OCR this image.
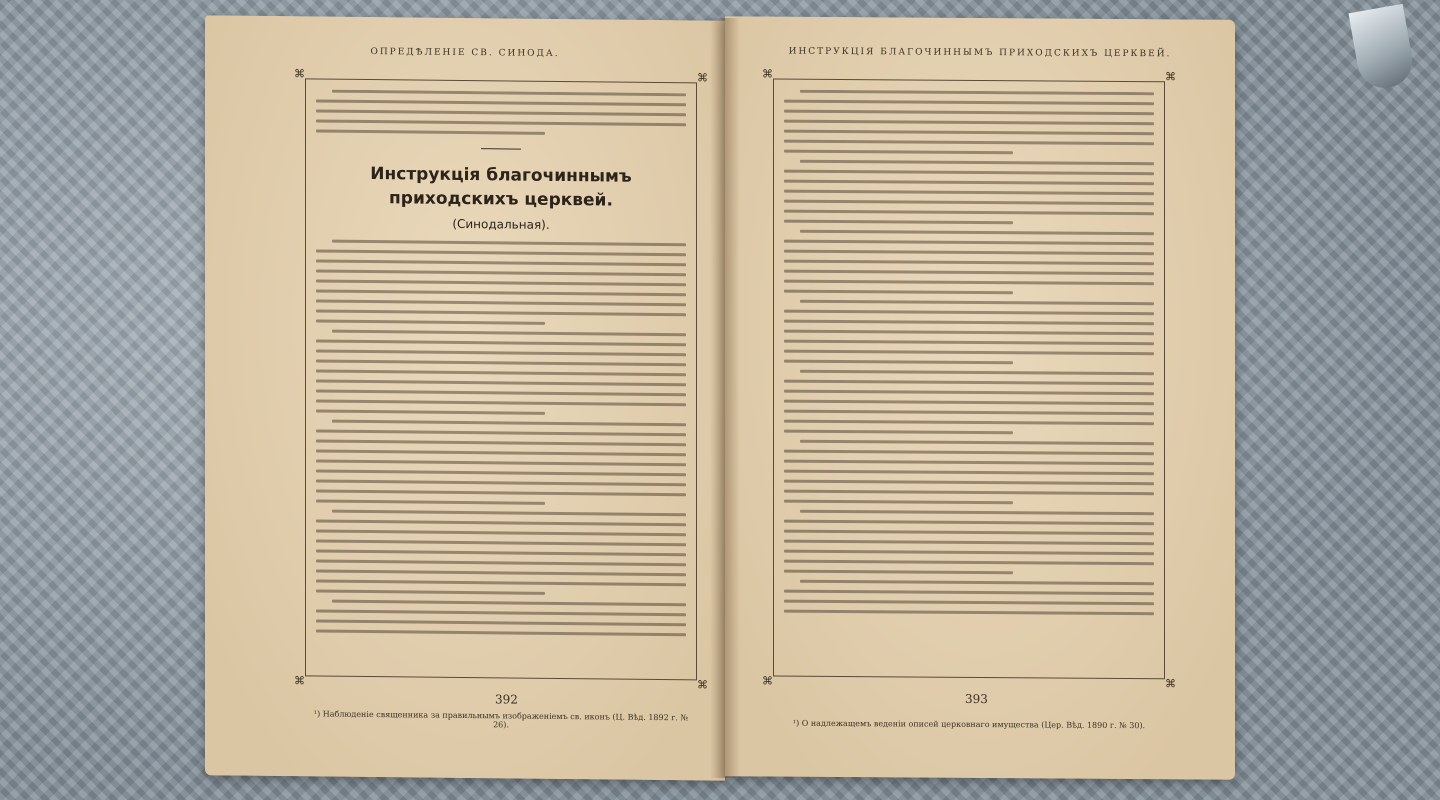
ОПРЕДѢЛЕНІЕ СВ. СИНОДА.
⌘	⌘
⌘	⌘
Инструкція благочиннымъ приходскихъ церквей.
(Синодальная).
¹) Наблюденіе священника за правильнымъ изображеніемъ св. иконъ (Ц. Вѣд. 1892 г. № 26).
392
ИНСТРУКЦІЯ БЛАГОЧИННЫМЪ ПРИХОДСКИХЪ ЦЕРКВЕЙ.
⌘	⌘
⌘	⌘
¹) О надлежащемъ веденіи описей церковнаго имущества (Цер. Вѣд. 1890 г. № 30).
393
